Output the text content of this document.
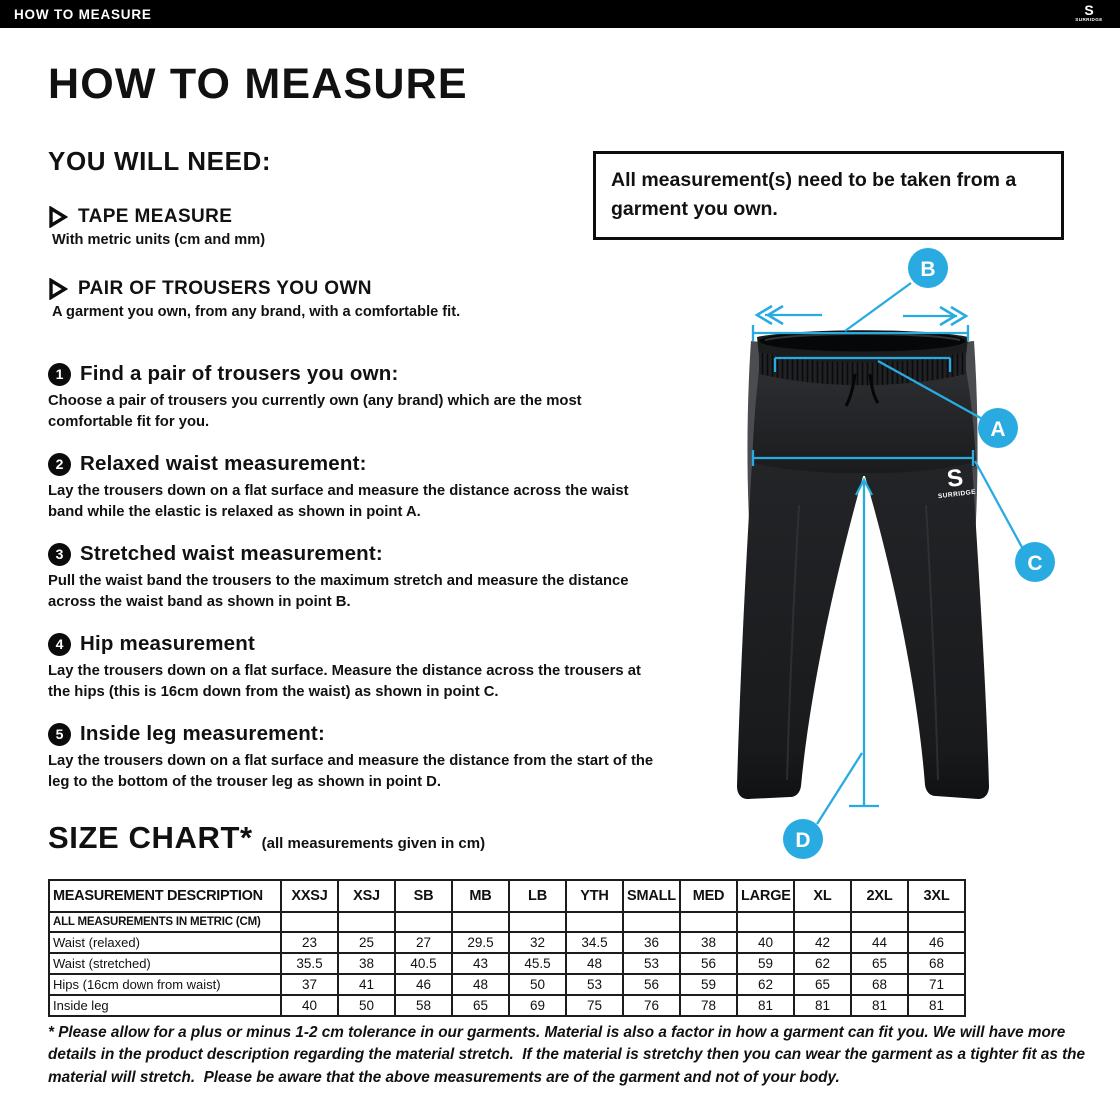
HOW TO MEASURE	S
SURRIDGE
HOW TO MEASURE
YOU WILL NEED:
TAPE MEASURE
With metric units (cm and mm)
PAIR OF TROUSERS YOU OWN
A garment you own, from any brand, with a comfortable fit.
All measurement(s) need to be taken from a garment you own.
1 Find a pair of trousers you own:
Choose a pair of trousers you currently own (any brand) which are the most comfortable fit for you.
2 Relaxed waist measurement:
Lay the trousers down on a flat surface and measure the distance across the waist band while the elastic is relaxed as shown in point A.
3 Stretched waist measurement:
Pull the waist band the trousers to the maximum stretch and measure the distance across the waist band as shown in point B.
4 Hip measurement
Lay the trousers down on a flat surface. Measure the distance across the trousers at the hips (this is 16cm down from the waist) as shown in point C.
5 Inside leg measurement:
Lay the trousers down on a flat surface and measure the distance from the start of the leg to the bottom of the trouser leg as shown in point D.
S
SURRIDGE
B
A
C
D
SIZE CHART* (all measurements given in cm)
MEASUREMENT DESCRIPTION	XXSJ	XSJ	SB	MB	LB	YTH	SMALL	MED	LARGE	XL	2XL	3XL
ALL MEASUREMENTS IN METRIC (CM)												
Waist (relaxed)	23	25	27	29.5	32	34.5	36	38	40	42	44	46
Waist (stretched)	35.5	38	40.5	43	45.5	48	53	56	59	62	65	68
Hips (16cm down from waist)	37	41	46	48	50	53	56	59	62	65	68	71
Inside leg	40	50	58	65	69	75	76	78	81	81	81	81
* Please allow for a plus or minus 1-2 cm tolerance in our garments. Material is also a factor in how a garment can fit you. We will have more details in the product description regarding the material stretch.  If the material is stretchy then you can wear the garment as a tighter fit as the material will stretch.  Please be aware that the above measurements are of the garment and not of your body.
